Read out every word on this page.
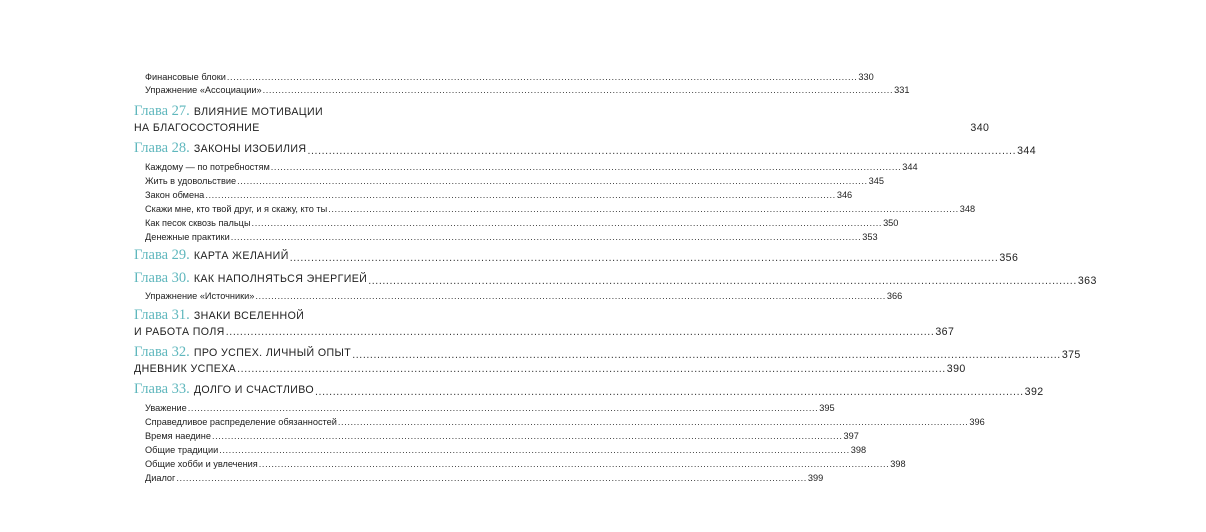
Финансовые блоки ........................................................................................................................................................................................................ 330
Упражнение «Ассоциации» ........................................................................................................................................................................................................ 331
Глава 27. ВЛИЯНИЕ МОТИВАЦИИ
НА БЛАГОСОСТОЯНИЕ	340
Глава 28. ЗАКОНЫ ИЗОБИЛИЯ ........................................................................................................................................................................................................ 344
Каждому — по потребностям ........................................................................................................................................................................................................ 344
Жить в удовольствие ........................................................................................................................................................................................................ 345
Закон обмена ........................................................................................................................................................................................................ 346
Скажи мне, кто твой друг, и я скажу, кто ты ........................................................................................................................................................................................................ 348
Как песок сквозь пальцы ........................................................................................................................................................................................................ 350
Денежные практики ........................................................................................................................................................................................................ 353
Глава 29. КАРТА ЖЕЛАНИЙ ........................................................................................................................................................................................................ 356
Глава 30. КАК НАПОЛНЯТЬСЯ ЭНЕРГИЕЙ ........................................................................................................................................................................................................ 363
Упражнение «Источники» ........................................................................................................................................................................................................ 366
Глава 31. ЗНАКИ ВСЕЛЕННОЙ
И РАБОТА ПОЛЯ ........................................................................................................................................................................................................ 367
Глава 32. ПРО УСПЕХ. ЛИЧНЫЙ ОПЫТ ........................................................................................................................................................................................................ 375
ДНЕВНИК УСПЕХА ........................................................................................................................................................................................................ 390
Глава 33. ДОЛГО И СЧАСТЛИВО ........................................................................................................................................................................................................ 392
Уважение ........................................................................................................................................................................................................ 395
Справедливое распределение обязанностей ........................................................................................................................................................................................................ 396
Время наедине ........................................................................................................................................................................................................ 397
Общие традиции ........................................................................................................................................................................................................ 398
Общие хобби и увлечения ........................................................................................................................................................................................................ 398
Диалог ........................................................................................................................................................................................................ 399
